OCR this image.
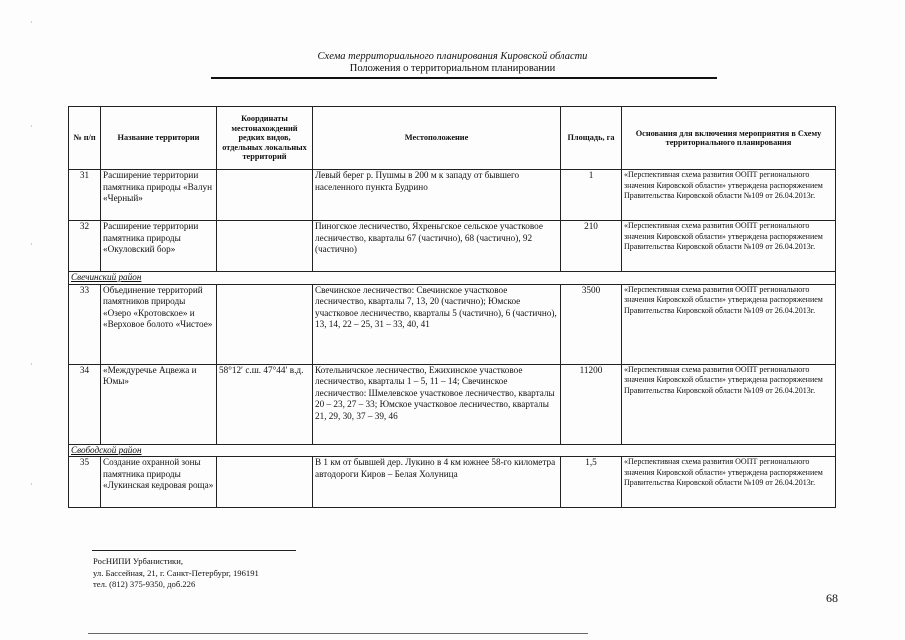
Схема территориального планирования Кировской области
Положения о территориальном планировании
№ п/п	Название территории	Координаты местонахождений редких видов, отдельных локальных территорий	Местоположение	Площадь, га	Основания для включения мероприятия в Схему территориального планирования
31	Расширение территории памятника природы «Валун «Черный»		Левый берег р. Пушмы в 200 м к западу от бывшего населенного пункта Будрино	1	«Перспективная схема развития ООПТ регионального значения Кировской области» утверждена распоряжением Правительства Кировской области №109 от 26.04.2013г.
32	Расширение территории памятника природы «Окуловский бор»		Пиногское лесничество, Яхреньгское сельское участковое лесничество, кварталы 67 (частично), 68 (частично), 92 (частично)	210	«Перспективная схема развития ООПТ регионального значения Кировской области» утверждена распоряжением Правительства Кировской области №109 от 26.04.2013г.
Свечинский район					
33	Объединение территорий памятников природы «Озеро «Кротовское» и «Верховое болото «Чистое»		Свечинское лесничество: Свечинское участковое лесничество, кварталы 7, 13, 20 (частично); Юмское участковое лесничество, кварталы 5 (частично), 6 (частично), 13, 14, 22 – 25, 31 – 33, 40, 41	3500	«Перспективная схема развития ООПТ регионального значения Кировской области» утверждена распоряжением Правительства Кировской области №109 от 26.04.2013г.
34	«Междуречье Ацвежа и Юмы»	58°12′ с.ш. 47°44′ в.д.	Котельничское лесничество, Ежихинское участковое лесничество, кварталы 1 – 5, 11 – 14; Свечинское лесничество: Шмелевское участковое лесничество, кварталы 20 – 23, 27 – 33; Юмское участковое лесничество, кварталы 21, 29, 30, 37 – 39, 46	11200	«Перспективная схема развития ООПТ регионального значения Кировской области» утверждена распоряжением Правительства Кировской области №109 от 26.04.2013г.
Свободской район					
35	Создание охранной зоны памятника природы «Лукинская кедровая роща»		В 1 км от бывшей дер. Лукино в 4 км южнее 58-го километра автодороги Киров – Белая Холуница	1,5	«Перспективная схема развития ООПТ регионального значения Кировской области» утверждена распоряжением Правительства Кировской области №109 от 26.04.2013г.
РосНИПИ Урбанистики,
ул. Бассейная, 21, г. Санкт-Петербург, 196191
тел. (812) 375-9350, доб.226
68
·
·
·
·
·
